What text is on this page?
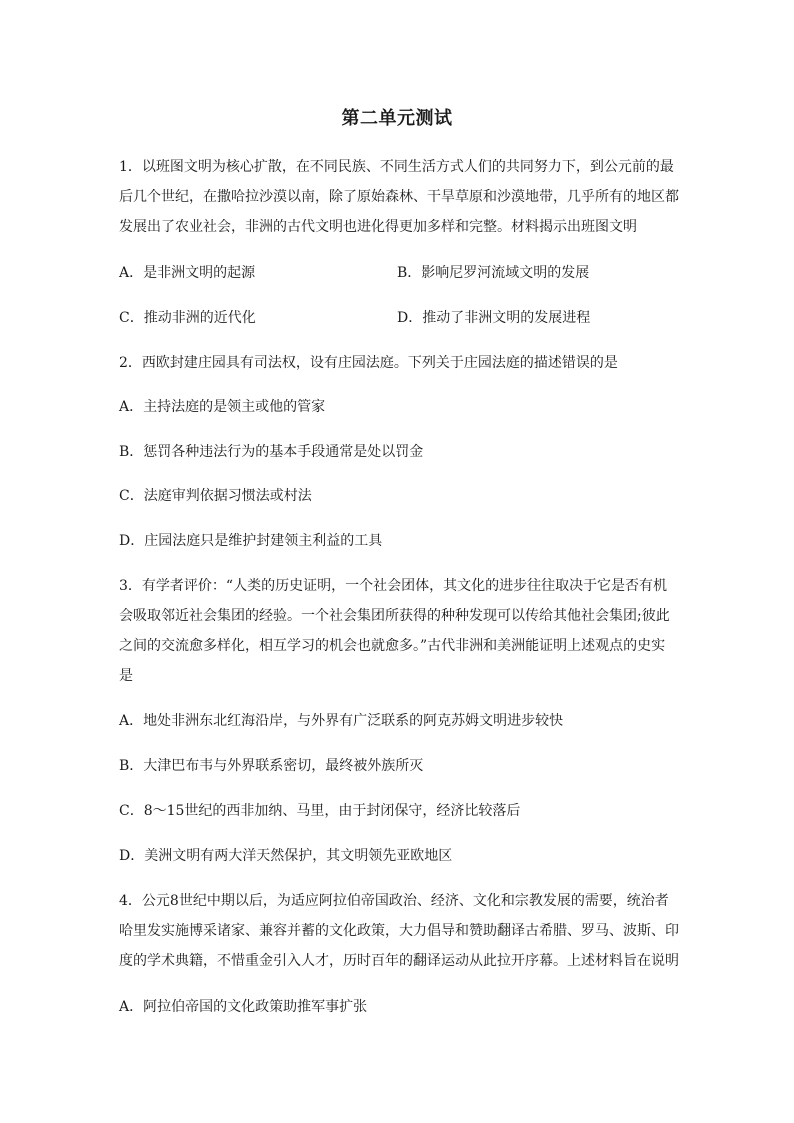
第二单元测试
1．以班图文明为核心扩散，在不同民族、不同生活方式人们的共同努力下，到公元前的最
后几个世纪，在撒哈拉沙漠以南，除了原始森林、干旱草原和沙漠地带，几乎所有的地区都
发展出了农业社会，非洲的古代文明也进化得更加多样和完整。材料揭示出班图文明
A．是非洲文明的起源	B．影响尼罗河流域文明的发展
C．推动非洲的近代化	D．推动了非洲文明的发展进程
2．西欧封建庄园具有司法权，设有庄园法庭。下列关于庄园法庭的描述错误的是
A．主持法庭的是领主或他的管家
B．惩罚各种违法行为的基本手段通常是处以罚金
C．法庭审判依据习惯法或村法
D．庄园法庭只是维护封建领主利益的工具
3．有学者评价：“人类的历史证明，一个社会团体，其文化的进步往往取决于它是否有机
会吸取邻近社会集团的经验。一个社会集团所获得的种种发现可以传给其他社会集团;彼此
之间的交流愈多样化，相互学习的机会也就愈多。”古代非洲和美洲能证明上述观点的史实
是
A．地处非洲东北红海沿岸，与外界有广泛联系的阿克苏姆文明进步较快
B．大津巴布韦与外界联系密切，最终被外族所灭
C．8～15世纪的西非加纳、马里，由于封闭保守，经济比较落后
D．美洲文明有两大洋天然保护，其文明领先亚欧地区
4．公元8世纪中期以后，为适应阿拉伯帝国政治、经济、文化和宗教发展的需要，统治者
哈里发实施博采诸家、兼容并蓄的文化政策，大力倡导和赞助翻译古希腊、罗马、波斯、印
度的学术典籍，不惜重金引入人才，历时百年的翻译运动从此拉开序幕。上述材料旨在说明
A．阿拉伯帝国的文化政策助推军事扩张
